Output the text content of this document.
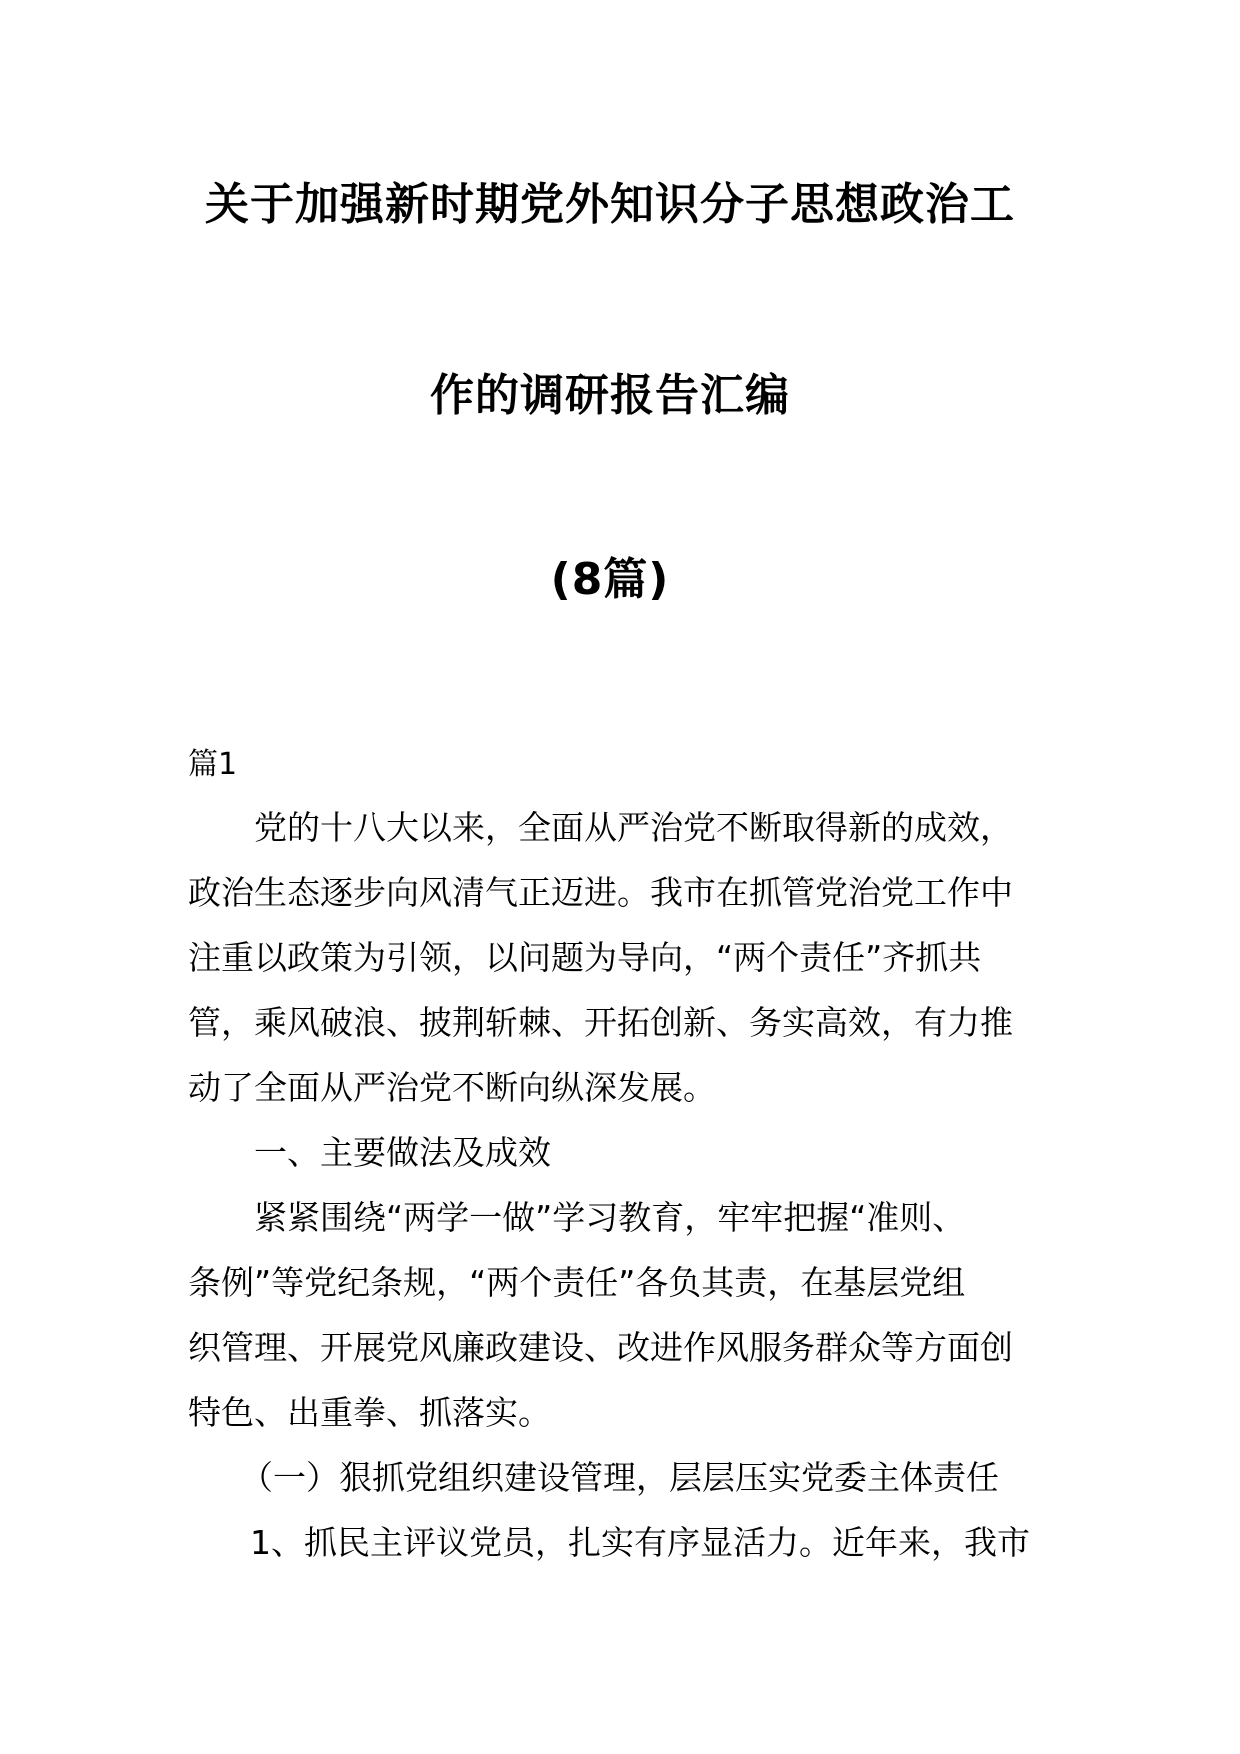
关于加强新时期党外知识分子思想政治工
作的调研报告汇编
(8篇)
篇1
党的十八大以来，全面从严治党不断取得新的成效，
政治生态逐步向风清气正迈进。我市在抓管党治党工作中
注重以政策为引领，以问题为导向，“两个责任”齐抓共
管，乘风破浪、披荆斩棘、开拓创新、务实高效，有力推
动了全面从严治党不断向纵深发展。
一、主要做法及成效
紧紧围绕“两学一做”学习教育，牢牢把握“准则、
条例”等党纪条规，“两个责任”各负其责，在基层党组
织管理、开展党风廉政建设、改进作风服务群众等方面创
特色、出重拳、抓落实。
（一）狠抓党组织建设管理，层层压实党委主体责任
1、抓民主评议党员，扎实有序显活力。近年来，我市
